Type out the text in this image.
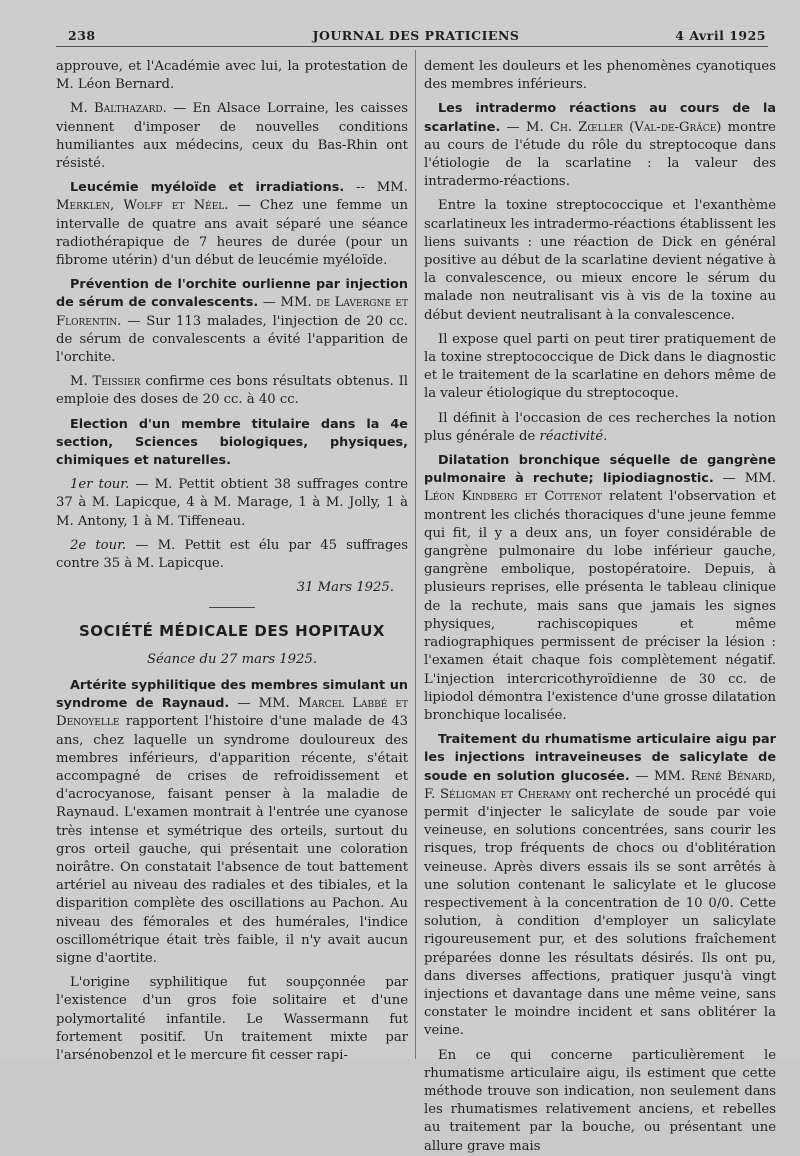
238	JOURNAL DES PRATICIENS	4 Avril 1925

approuve, et l'Académie avec lui, la protestation de M. Léon Bernard.

M. Balthazard. — En Alsace Lorraine, les caisses viennent d'imposer de nouvelles conditions humiliantes aux médecins, ceux du Bas-Rhin ont résisté.

Leucémie myéloïde et irradiations. -- MM. Merklen, Wolff et Néel. — Chez une femme un intervalle de quatre ans avait séparé une séance radiothérapique de 7 heures de durée (pour un fibrome utérin) d'un début de leucémie myéloïde.

Prévention de l'orchite ourlienne par injection de sérum de convalescents. — MM. de Lavergne et Florentin. — Sur 113 malades, l'injection de 20 cc. de sérum de convalescents a évité l'apparition de l'orchite.

M. Teissier confirme ces bons résultats obtenus. Il emploie des doses de 20 cc. à 40 cc.

Election d'un membre titulaire dans la 4e section, Sciences biologiques, physiques, chimiques et naturelles.

1er tour. — M. Pettit obtient 38 suffrages contre 37 à M. Lapicque, 4 à M. Marage, 1 à M. Jolly, 1 à M. Antony, 1 à M. Tiffeneau.

2e tour. — M. Pettit est élu par 45 suffrages contre 35 à M. Lapicque.

31 Mars 1925.
SOCIÉTÉ MÉDICALE DES HOPITAUX
Séance du 27 mars 1925.

Artérite syphilitique des membres simulant un syndrome de Raynaud. — MM. Marcel Labbé et Denoyelle rapportent l'histoire d'une malade de 43 ans, chez laquelle un syndrome douloureux des membres inférieurs, d'apparition récente, s'était accompagné de crises de refroidissement et d'acrocyanose, faisant penser à la maladie de Raynaud. L'examen montrait à l'entrée une cyanose très intense et symétrique des orteils, surtout du gros orteil gauche, qui présentait une coloration noirâtre. On constatait l'absence de tout battement artériel au niveau des radiales et des tibiales, et la disparition complète des oscillations au Pachon. Au niveau des fémorales et des humérales, l'indice oscillométrique était très faible, il n'y avait aucun signe d'aortite.

L'origine syphilitique fut soupçonnée par l'existence d'un gros foie solitaire et d'une polymortalité infantile. Le Wassermann fut fortement positif. Un traitement mixte par l'arsénobenzol et le mercure fit cesser rapi-

dement les douleurs et les phenomènes cyanotiques des membres inférieurs.

Les intradermo réactions au cours de la scarlatine. — M. Ch. Zœller (Val-de-Grâce) montre au cours de l'étude du rôle du streptocoque dans l'étiologie de la scarlatine : la valeur des intradermo-réactions.

Entre la toxine streptococcique et l'exanthème scarlatineux les intradermo-réactions établissent les liens suivants : une réaction de Dick en général positive au début de la scarlatine devient négative à la convalescence, ou mieux encore le sérum du malade non neutralisant vis à vis de la toxine au début devient neutralisant à la convalescence.

Il expose quel parti on peut tirer pratiquement de la toxine streptococcique de Dick dans le diagnostic et le traitement de la scarlatine en dehors même de la valeur étiologique du streptocoque.

Il définit à l'occasion de ces recherches la notion plus générale de réactivité.

Dilatation bronchique séquelle de gangrène pulmonaire à rechute; lipiodiagnostic. — MM. Léon Kindberg et Cottenot relatent l'observation et montrent les clichés thoraciques d'une jeune femme qui fit, il y a deux ans, un foyer considérable de gangrène pulmonaire du lobe inférieur gauche, gangrène embolique, postopératoire. Depuis, à plusieurs reprises, elle présenta le tableau clinique de la rechute, mais sans que jamais les signes physiques, rachiscopiques et même radiographiques permissent de préciser la lésion : l'examen était chaque fois complètement négatif. L'injection intercricothyroïdienne de 30 cc. de lipiodol démontra l'existence d'une grosse dilatation bronchique localisée.

Traitement du rhumatisme articulaire aigu par les injections intraveineuses de salicylate de soude en solution glucosée. — MM. René Bénard, F. Séligman et Cheramy ont recherché un procédé qui permit d'injecter le salicylate de soude par voie veineuse, en solutions concentrées, sans courir les risques, trop fréquents de chocs ou d'oblitération veineuse. Après divers essais ils se sont arrêtés à une solution contenant le salicylate et le glucose respectivement à la concentration de 10 0/0. Cette solution, à condition d'employer un salicylate rigoureusement pur, et des solutions fraîchement préparées donne les résultats désirés. Ils ont pu, dans diverses affections, pratiquer jusqu'à vingt injections et davantage dans une même veine, sans constater le moindre incident et sans oblitérer la veine.

En ce qui concerne particulièrement le rhumatisme articulaire aigu, ils estiment que cette méthode trouve son indication, non seulement dans les rhumatismes relativement anciens, et rebelles au traitement par la bouche, ou présentant une allure grave mais
